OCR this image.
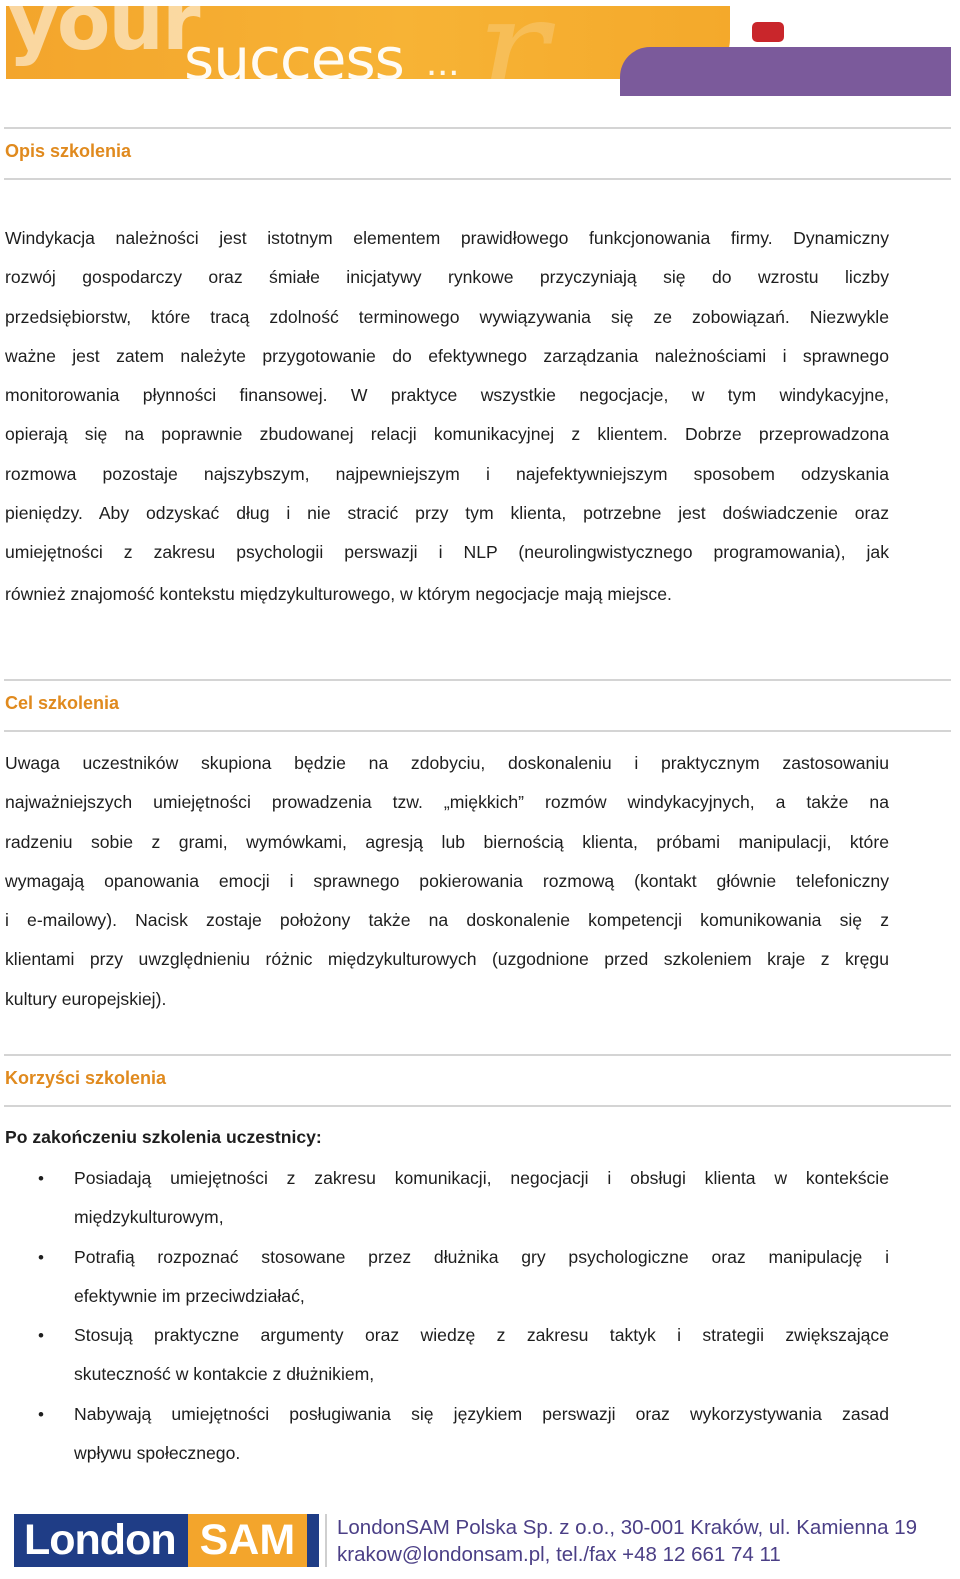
r
your
success ...
Opis szkolenia
Windykacja należności jest istotnym elementem prawidłowego funkcjonowania firmy. Dynamiczny
rozwój gospodarczy oraz śmiałe inicjatywy rynkowe przyczyniają się do wzrostu liczby
przedsiębiorstw, które tracą zdolność terminowego wywiązywania się ze zobowiązań. Niezwykle
ważne jest zatem należyte przygotowanie do efektywnego zarządzania należnościami i sprawnego
monitorowania płynności finansowej. W praktyce wszystkie negocjacje, w tym windykacyjne,
opierają się na poprawnie zbudowanej relacji komunikacyjnej z klientem. Dobrze przeprowadzona
rozmowa pozostaje najszybszym, najpewniejszym i najefektywniejszym sposobem odzyskania
pieniędzy. Aby odzyskać dług i nie stracić przy tym klienta, potrzebne jest doświadczenie oraz
umiejętności z zakresu psychologii perswazji i NLP (neurolingwistycznego programowania), jak
również znajomość kontekstu międzykulturowego, w którym negocjacje mają miejsce.
Cel szkolenia
Uwaga uczestników skupiona będzie na zdobyciu, doskonaleniu i praktycznym zastosowaniu
najważniejszych umiejętności prowadzenia tzw. „miękkich” rozmów windykacyjnych, a także na
radzeniu sobie z grami, wymówkami, agresją lub biernością klienta, próbami manipulacji, które
wymagają opanowania emocji i sprawnego pokierowania rozmową (kontakt głównie telefoniczny
i e-mailowy). Nacisk zostaje położony także na doskonalenie kompetencji komunikowania się z
klientami przy uwzględnieniu różnic międzykulturowych (uzgodnione przed szkoleniem kraje z kręgu
kultury europejskiej).
Korzyści szkolenia

Po zakończeniu szkolenia uczestnicy:

• Posiadają umiejętności z zakresu komunikacji, negocjacji i obsługi klienta w kontekście
międzykulturowym,
• Potrafią rozpoznać stosowane przez dłużnika gry psychologiczne oraz manipulację i
efektywnie im przeciwdziałać,
• Stosują praktyczne argumenty oraz wiedzę z zakresu taktyk i strategii zwiększające
skuteczność w kontakcie z dłużnikiem,
• Nabywają umiejętności posługiwania się językiem perswazji oraz wykorzystywania zasad
wpływu społecznego.
London SAM	LondonSAM Polska Sp. z o.o., 30-001 Kraków, ul. Kamienna 19
krakow@londonsam.pl, tel./fax +48 12 661 74 11
